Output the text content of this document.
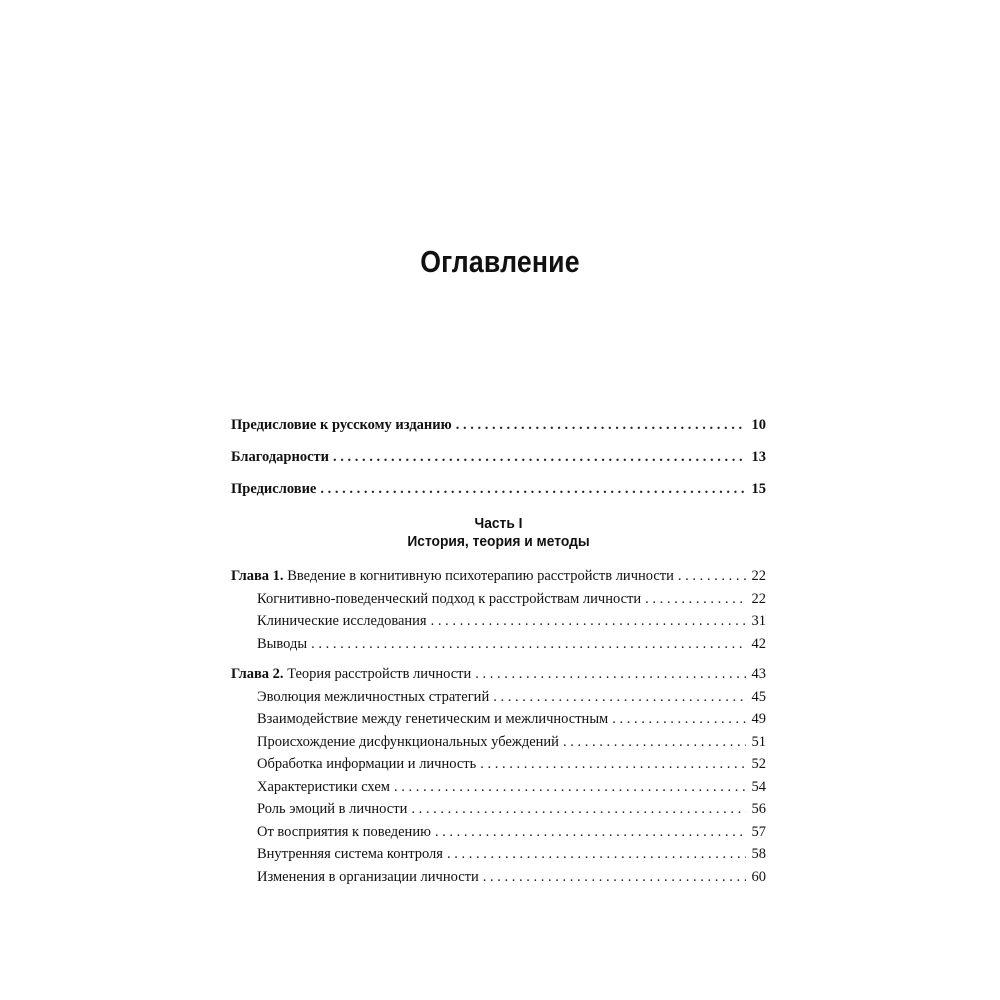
Оглавление
Предисловие к русскому изданию . . .	10
Благодарности . . .	13
Предисловие . . .	15
Часть I
История, теория и методы
Глава 1. Введение в когнитивную психотерапию расстройств личности . . .	22
Когнитивно-поведенческий подход к расстройствам личности . . .	22
Клинические исследования . . .	31
Выводы . . .	42
Глава 2. Теория расстройств личности . . .	43
Эволюция межличностных стратегий . . .	45
Взаимодействие между генетическим и межличностным . . .	49
Происхождение дисфункциональных убеждений . . .	51
Обработка информации и личность . . .	52
Характеристики схем . . .	54
Роль эмоций в личности . . .	56
От восприятия к поведению . . .	57
Внутренняя система контроля . . .	58
Изменения в организации личности . . .	60
